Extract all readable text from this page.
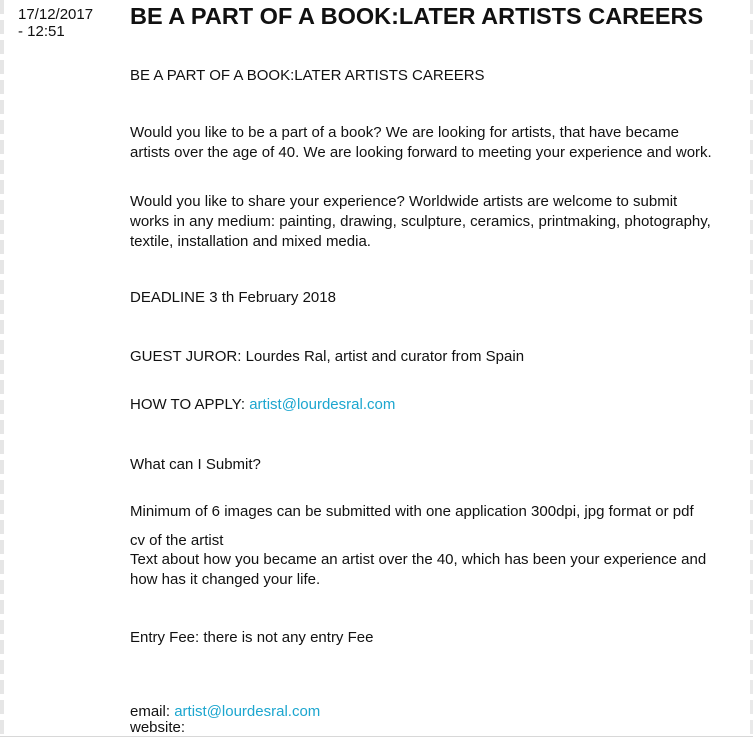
17/12/2017
- 12:51
BE A PART OF A BOOK:LATER ARTISTS CAREERS

BE A PART OF A BOOK:LATER ARTISTS CAREERS

Would you like to be a part of a book? We are looking for artists, that have became artists over the age of 40. We are looking forward to meeting your experience and work.

Would you like to share your experience? Worldwide artists are welcome to submit works in any medium: painting, drawing, sculpture, ceramics, printmaking, photography, textile, installation and mixed media.

DEADLINE 3 th February 2018

GUEST JUROR: Lourdes Ral, artist and curator from Spain

HOW TO APPLY: artist@lourdesral.com

What can I Submit?

Minimum of 6 images can be submitted with one application 300dpi, jpg format or pdf

cv of the artist

Text about how you became an artist over the 40, which has been your experience and how has it changed your life.

Entry Fee: there is not any entry Fee

email: artist@lourdesral.com

website:
